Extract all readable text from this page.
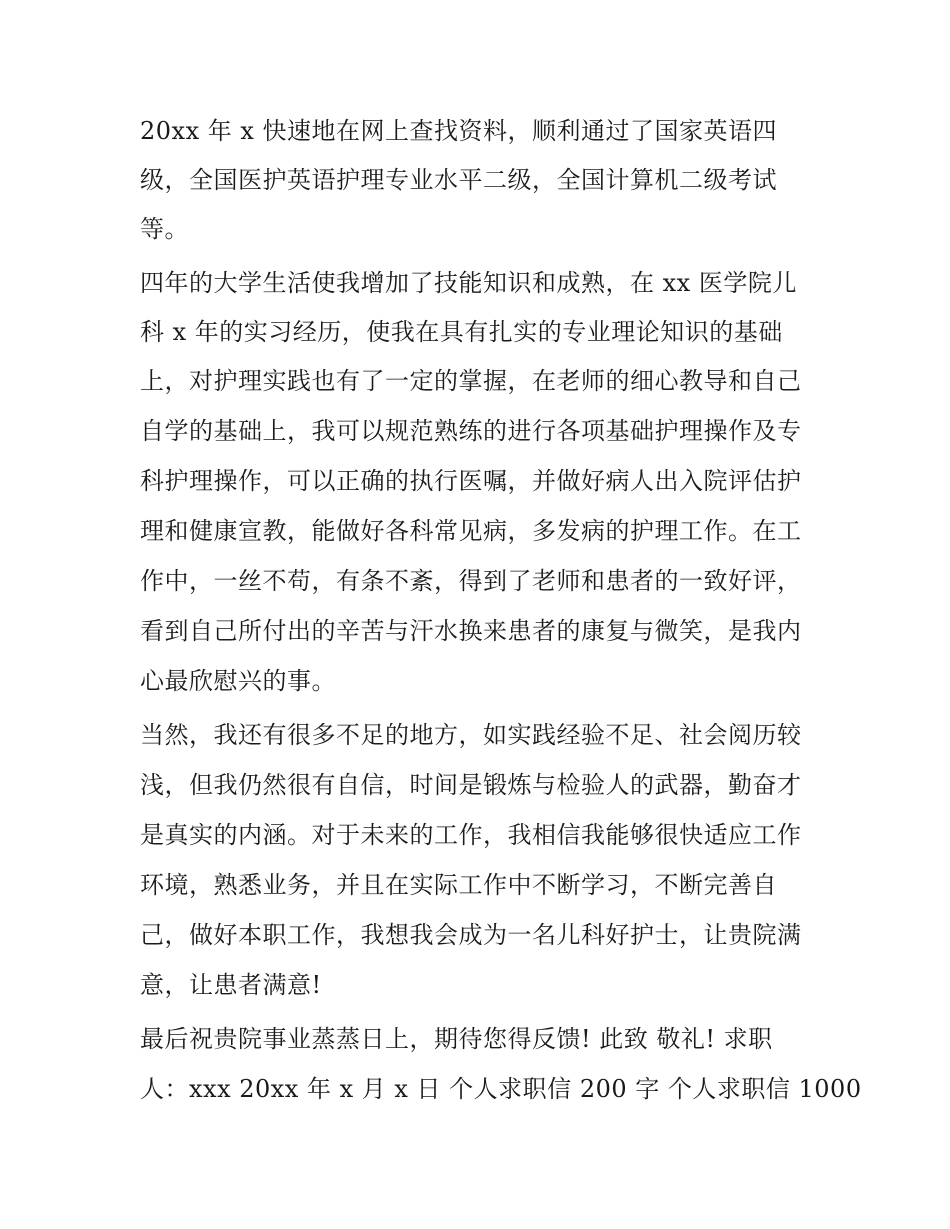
20xx 年 x 快速地在网上查找资料，顺利通过了国家英语四
级，全国医护英语护理专业水平二级，全国计算机二级考试
等。
四年的大学生活使我增加了技能知识和成熟，在 xx 医学院儿
科 x 年的实习经历，使我在具有扎实的专业理论知识的基础
上，对护理实践也有了一定的掌握，在老师的细心教导和自己
自学的基础上，我可以规范熟练的进行各项基础护理操作及专
科护理操作，可以正确的执行医嘱，并做好病人出入院评估护
理和健康宣教，能做好各科常见病，多发病的护理工作。在工
作中，一丝不苟，有条不紊，得到了老师和患者的一致好评，
看到自己所付出的辛苦与汗水换来患者的康复与微笑，是我内
心最欣慰兴的事。
当然，我还有很多不足的地方，如实践经验不足、社会阅历较
浅，但我仍然很有自信，时间是锻炼与检验人的武器，勤奋才
是真实的内涵。对于未来的工作，我相信我能够很快适应工作
环境，熟悉业务，并且在实际工作中不断学习，不断完善自
己，做好本职工作，我想我会成为一名儿科好护士，让贵院满
意，让患者满意!
最后祝贵院事业蒸蒸日上，期待您得反馈! 此致 敬礼! 求职
人：xxx 20xx 年 x 月 x 日 个人求职信 200 字 个人求职信 1000
